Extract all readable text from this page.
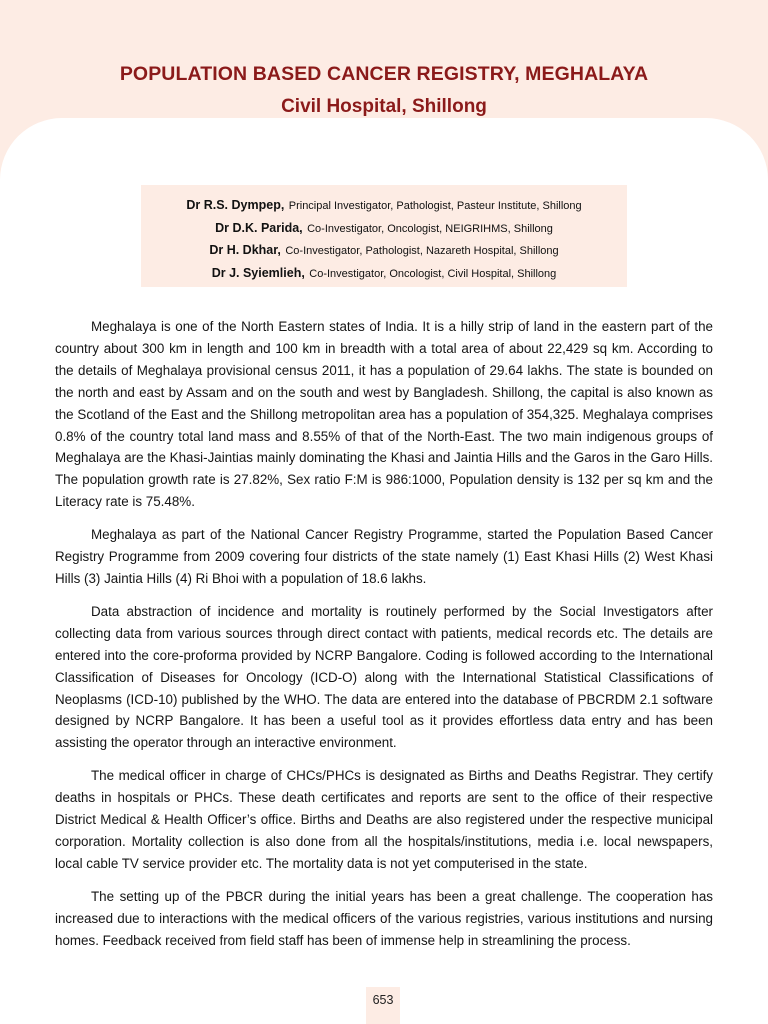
POPULATION BASED CANCER REGISTRY, MEGHALAYA
Civil Hospital, Shillong
Dr R.S. Dympep, Principal Investigator, Pathologist, Pasteur Institute, Shillong
Dr D.K. Parida, Co-Investigator, Oncologist, NEIGRIHMS, Shillong
Dr H. Dkhar, Co-Investigator, Pathologist, Nazareth Hospital, Shillong
Dr J. Syiemlieh, Co-Investigator, Oncologist, Civil Hospital, Shillong

Meghalaya is one of the North Eastern states of India. It is a hilly strip of land in the eastern part of the country about 300 km in length and 100 km in breadth with a total area of about 22,429 sq km. According to the details of Meghalaya provisional census 2011, it has a population of 29.64 lakhs. The state is bounded on the north and east by Assam and on the south and west by Bangladesh. Shillong, the capital is also known as the Scotland of the East and the Shillong metropolitan area has a population of 354,325. Meghalaya comprises 0.8% of the country total land mass and 8.55% of that of the North-East. The two main indigenous groups of Meghalaya are the Khasi-Jaintias mainly dominating the Khasi and Jaintia Hills and the Garos in the Garo Hills. The population growth rate is 27.82%, Sex ratio F:M is 986:1000, Population density is 132 per sq km and the Literacy rate is 75.48%.

Meghalaya as part of the National Cancer Registry Programme, started the Population Based Cancer Registry Programme from 2009 covering four districts of the state namely (1) East Khasi Hills (2) West Khasi Hills (3) Jaintia Hills (4) Ri Bhoi with a population of 18.6 lakhs.

Data abstraction of incidence and mortality is routinely performed by the Social Investigators after collecting data from various sources through direct contact with patients, medical records etc. The details are entered into the core-proforma provided by NCRP Bangalore. Coding is followed according to the International Classification of Diseases for Oncology (ICD-O) along with the International Statistical Classifications of Neoplasms (ICD-10) published by the WHO. The data are entered into the database of PBCRDM 2.1 software designed by NCRP Bangalore. It has been a useful tool as it provides effortless data entry and has been assisting the operator through an interactive environment.

The medical officer in charge of CHCs/PHCs is designated as Births and Deaths Registrar. They certify deaths in hospitals or PHCs. These death certificates and reports are sent to the office of their respective District Medical & Health Officer’s office. Births and Deaths are also registered under the respective municipal corporation. Mortality collection is also done from all the hospitals/institutions, media i.e. local newspapers, local cable TV service provider etc. The mortality data is not yet computerised in the state.

The setting up of the PBCR during the initial years has been a great challenge. The cooperation has increased due to interactions with the medical officers of the various registries, various institutions and nursing homes. Feedback received from field staff has been of immense help in streamlining the process.

653
